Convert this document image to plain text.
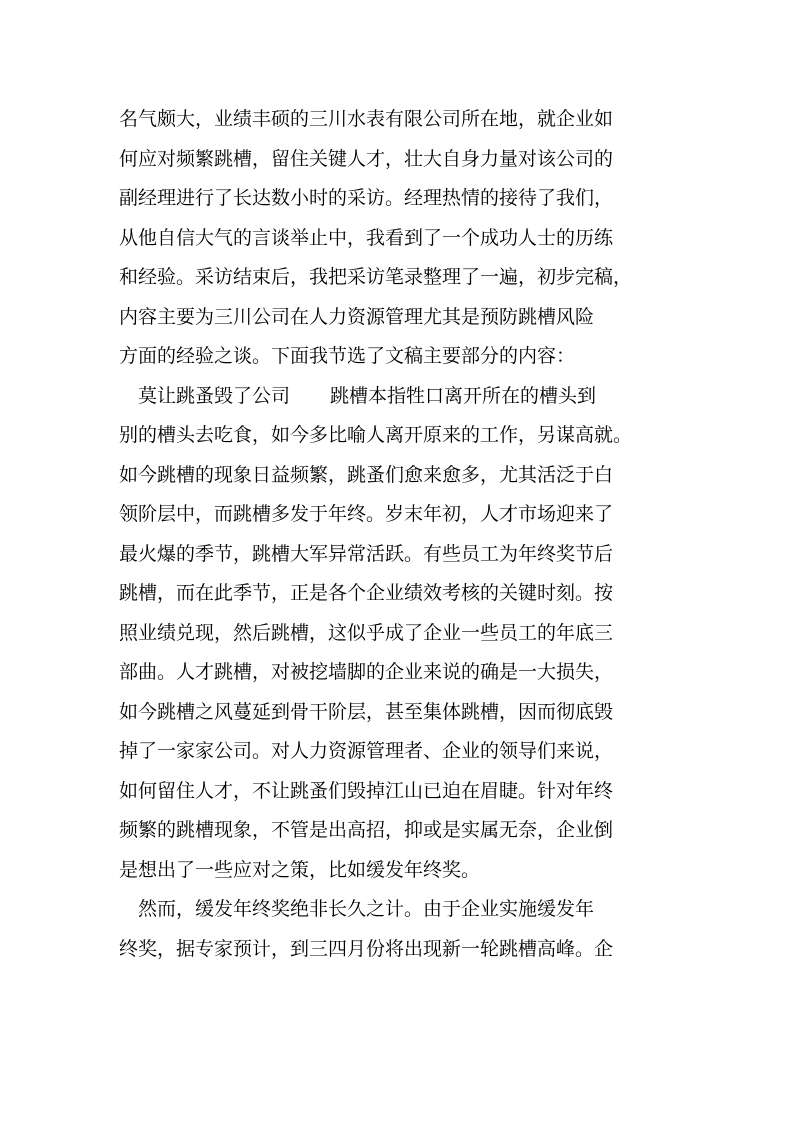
名气颇大，业绩丰硕的三川水表有限公司所在地，就企业如
何应对频繁跳槽，留住关键人才，壮大自身力量对该公司的
副经理进行了长达数小时的采访。经理热情的接待了我们，
从他自信大气的言谈举止中，我看到了一个成功人士的历练
和经验。采访结束后，我把采访笔录整理了一遍，初步完稿，
内容主要为三川公司在人力资源管理尤其是预防跳槽风险
方面的经验之谈。下面我节选了文稿主要部分的内容：
　莫让跳蚤毁了公司 跳槽本指牲口离开所在的槽头到
别的槽头去吃食，如今多比喻人离开原来的工作，另谋高就。
如今跳槽的现象日益频繁，跳蚤们愈来愈多，尤其活泛于白
领阶层中，而跳槽多发于年终。岁末年初，人才市场迎来了
最火爆的季节，跳槽大军异常活跃。有些员工为年终奖节后
跳槽，而在此季节，正是各个企业绩效考核的关键时刻。按
照业绩兑现，然后跳槽，这似乎成了企业一些员工的年底三
部曲。人才跳槽，对被挖墙脚的企业来说的确是一大损失，
如今跳槽之风蔓延到骨干阶层，甚至集体跳槽，因而彻底毁
掉了一家家公司。对人力资源管理者、企业的领导们来说，
如何留住人才，不让跳蚤们毁掉江山已迫在眉睫。针对年终
频繁的跳槽现象，不管是出高招，抑或是实属无奈，企业倒
是想出了一些应对之策，比如缓发年终奖。
　然而，缓发年终奖绝非长久之计。由于企业实施缓发年
终奖，据专家预计，到三四月份将出现新一轮跳槽高峰。企
